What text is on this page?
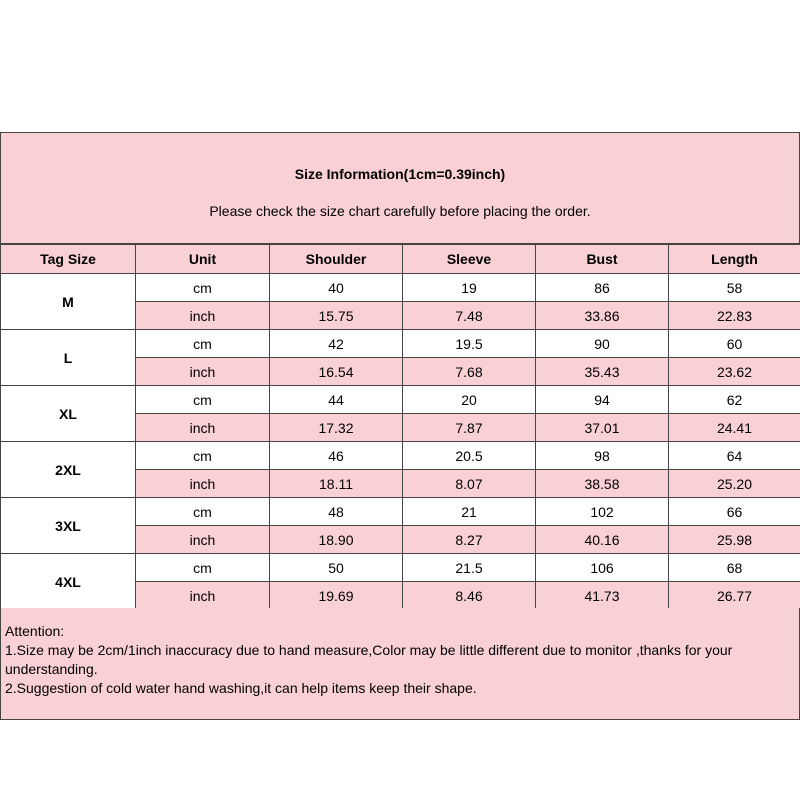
Size Information(1cm=0.39inch)
Please check the size chart carefully before placing the order.
Tag Size	Unit	Shoulder	Sleeve	Bust	Length
M	cm	40	19	86	58
	inch	15.75	7.48	33.86	22.83
L	cm	42	19.5	90	60
	inch	16.54	7.68	35.43	23.62
XL	cm	44	20	94	62
	inch	17.32	7.87	37.01	24.41
2XL	cm	46	20.5	98	64
	inch	18.11	8.07	38.58	25.20
3XL	cm	48	21	102	66
	inch	18.90	8.27	40.16	25.98
4XL	cm	50	21.5	106	68
	inch	19.69	8.46	41.73	26.77

Attention:

1.Size may be 2cm/1inch inaccuracy due to hand measure,Color may be little different due to monitor ,thanks for your understanding.

2.Suggestion of cold water hand washing,it can help items keep their shape.
